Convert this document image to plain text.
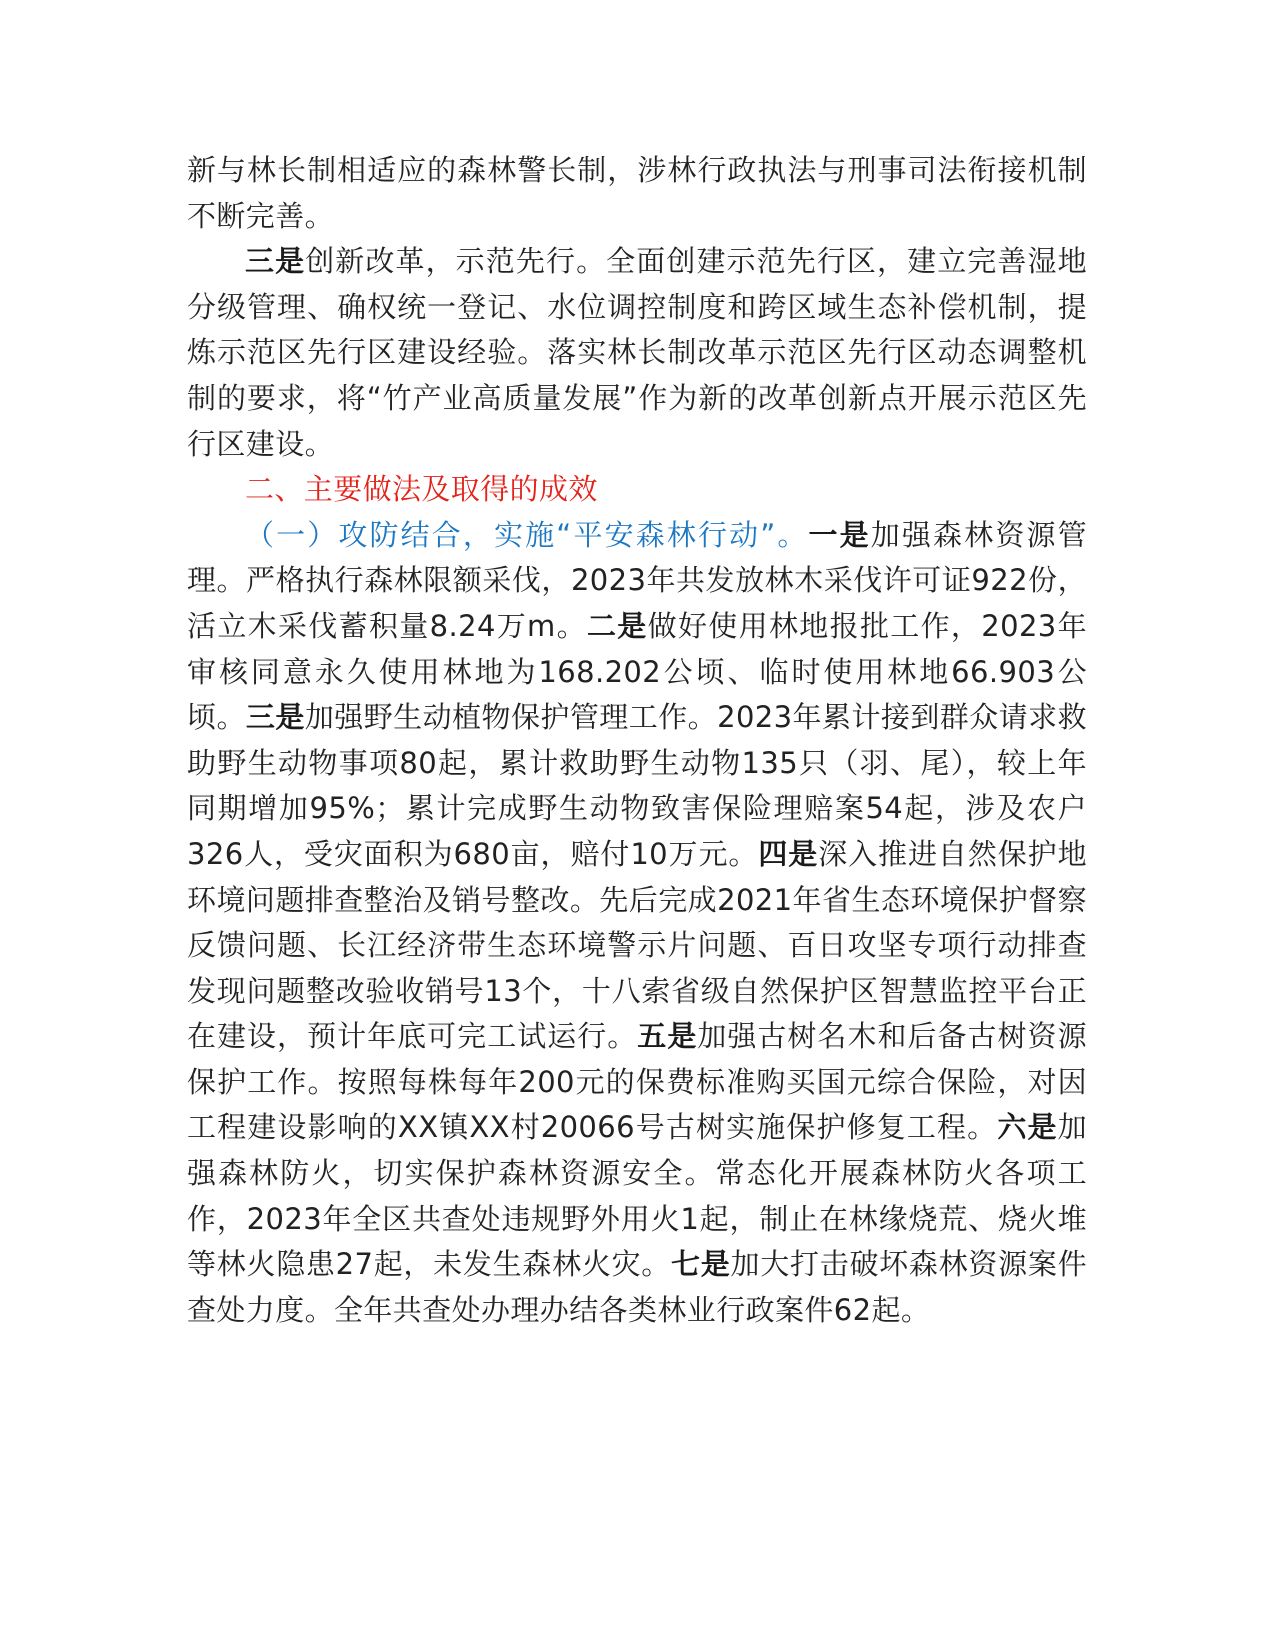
新与林长制相适应的森林警长制，涉林行政执法与刑事司法衔接机制不断完善。

三是创新改革，示范先行。全面创建示范先行区，建立完善湿地分级管理、确权统一登记、水位调控制度和跨区域生态补偿机制，提炼示范区先行区建设经验。落实林长制改革示范区先行区动态调整机制的要求，将“竹产业高质量发展”作为新的改革创新点开展示范区先行区建设。

二、主要做法及取得的成效

（一）攻防结合，实施“平安森林行动”。一是加强森林资源管理。严格执行森林限额采伐，2023年共发放林木采伐许可证922份，活立木采伐蓄积量8.24万m。二是做好使用林地报批工作，2023年审核同意永久使用林地为168.202公顷、临时使用林地66.903公顷。三是加强野生动植物保护管理工作。2023年累计接到群众请求救助野生动物事项80起，累计救助野生动物135只（羽、尾），较上年同期增加95%；累计完成野生动物致害保险理赔案54起，涉及农户326人，受灾面积为680亩，赔付10万元。四是深入推进自然保护地环境问题排查整治及销号整改。先后完成2021年省生态环境保护督察反馈问题、长江经济带生态环境警示片问题、百日攻坚专项行动排查发现问题整改验收销号13个，十八索省级自然保护区智慧监控平台正在建设，预计年底可完工试运行。五是加强古树名木和后备古树资源保护工作。按照每株每年200元的保费标准购买国元综合保险，对因工程建设影响的XX镇XX村20066号古树实施保护修复工程。六是加强森林防火，切实保护森林资源安全。常态化开展森林防火各项工作，2023年全区共查处违规野外用火1起，制止在林缘烧荒、烧火堆等林火隐患27起，未发生森林火灾。七是加大打击破坏森林资源案件查处力度。全年共查处办理办结各类林业行政案件62起。
